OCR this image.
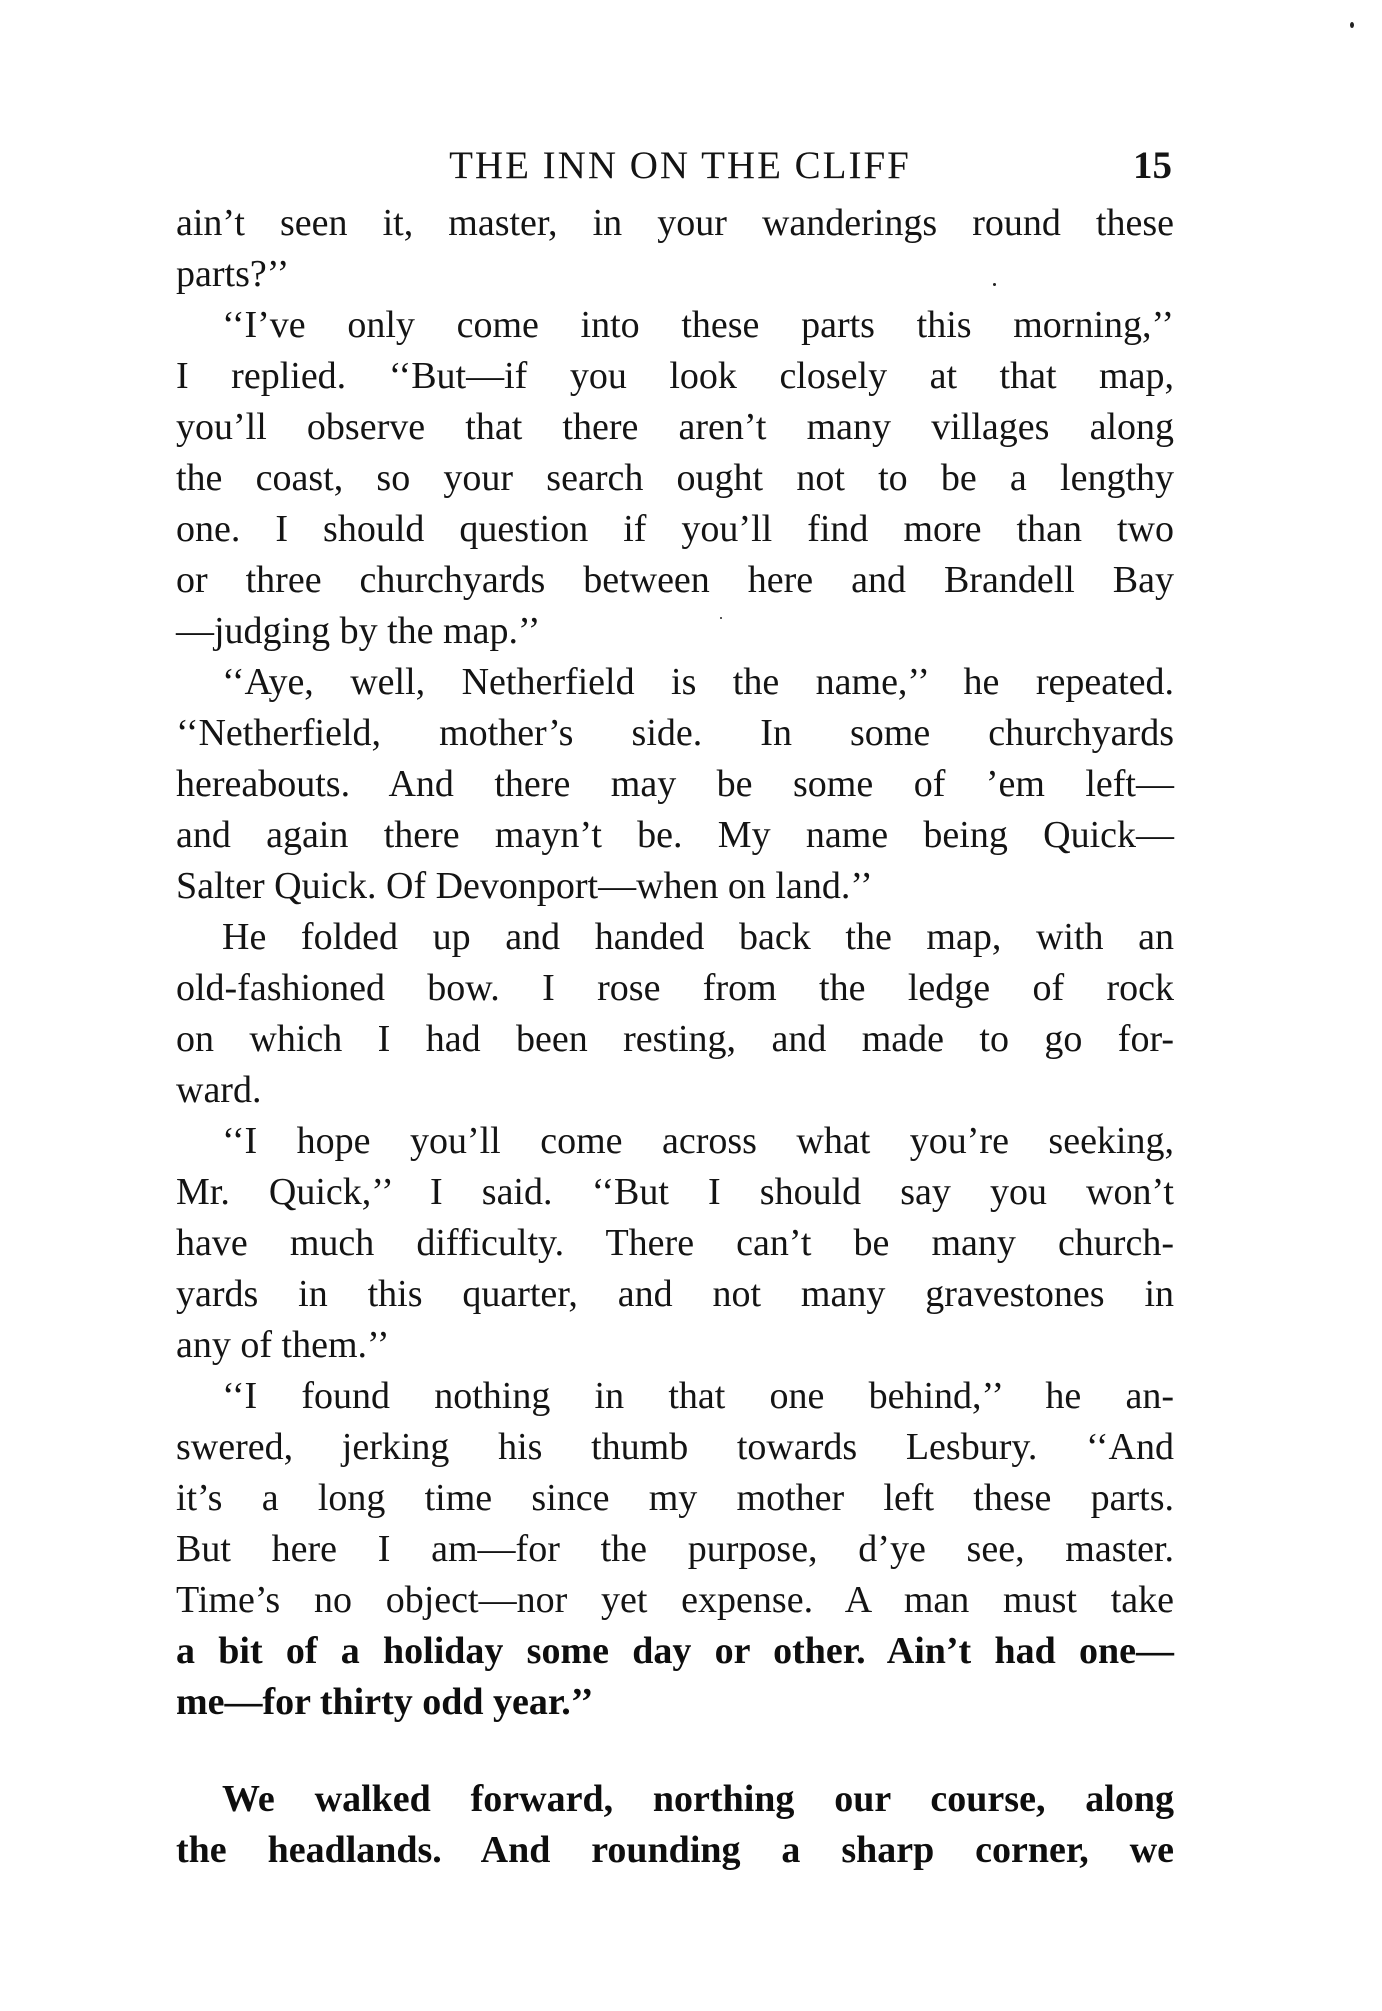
THE INN ON THE CLIFF	15
ain’t seen it, master, in your wanderings round these
parts?’’
‘‘I’ve only come into these parts this morning,’’
I replied. ‘‘But—if you look closely at that map,
you’ll observe that there aren’t many villages along
the coast, so your search ought not to be a lengthy
one. I should question if you’ll find more than two
or three churchyards between here and Brandell Bay
—judging by the map.’’
‘‘Aye, well, Netherfield is the name,’’ he repeated.
‘‘Netherfield, mother’s side. In some churchyards
hereabouts. And there may be some of ’em left—
and again there mayn’t be. My name being Quick—
Salter Quick. Of Devonport—when on land.’’
He folded up and handed back the map, with an
old-fashioned bow. I rose from the ledge of rock
on which I had been resting, and made to go for-
ward.
‘‘I hope you’ll come across what you’re seeking,
Mr. Quick,’’ I said. ‘‘But I should say you won’t
have much difficulty. There can’t be many church-
yards in this quarter, and not many gravestones in
any of them.’’
‘‘I found nothing in that one behind,’’ he an-
swered, jerking his thumb towards Lesbury. ‘‘And
it’s a long time since my mother left these parts.
But here I am—for the purpose, d’ye see, master.
Time’s no object—nor yet expense. A man must take
a bit of a holiday some day or other. Ain’t had one—
me—for thirty odd year.’’
We walked forward, northing our course, along
the headlands. And rounding a sharp corner, we
